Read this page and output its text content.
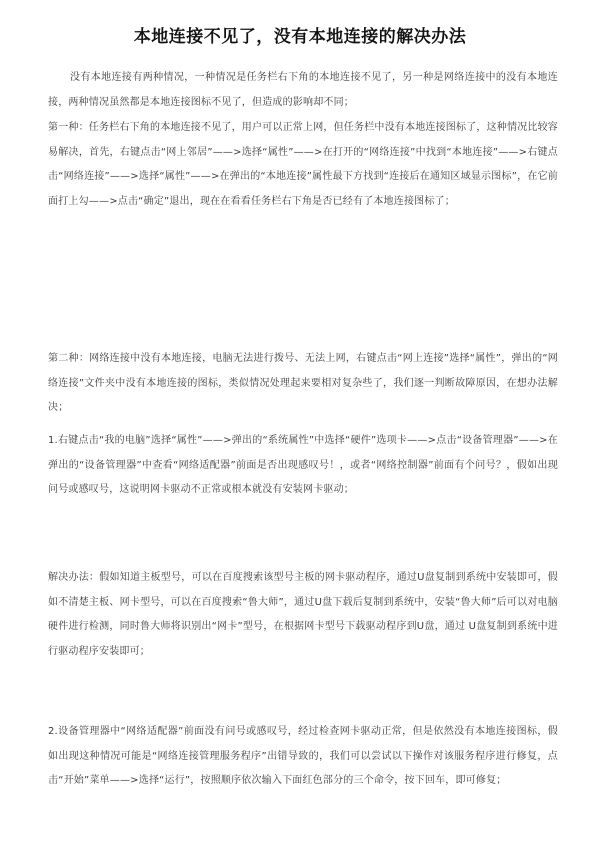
本地连接不见了，没有本地连接的解决办法

没有本地连接有两种情况，一种情况是任务栏右下角的本地连接不见了，另一种是网络连接中的没有本地连接，两种情况虽然都是本地连接图标不见了，但造成的影响却不同；

第一种：任务栏右下角的本地连接不见了，用户可以正常上网，但任务栏中没有本地连接图标了，这种情况比较容易解决，首先，右键点击“网上邻居”——>选择“属性”——>在打开的“网络连接”中找到“本地连接”——>右键点击“网络连接”——>选择“属性”——>在弹出的“本地连接”属性最下方找到“连接后在通知区域显示图标”，在它前面打上勾——>点击“确定”退出，现在在看看任务栏右下角是否已经有了本地连接图标了；

第二种：网络连接中没有本地连接，电脑无法进行拨号、无法上网，右键点击“网上连接”选择“属性”，弹出的“网络连接”文件夹中没有本地连接的图标，类似情况处理起来要相对复杂些了，我们逐一判断故障原因，在想办法解决；

1.右键点击“我的电脑”选择“属性”——>弹出的“系统属性”中选择“硬件”选项卡——>点击“设备管理器”——>在弹出的“设备管理器”中查看“网络适配器”前面是否出现感叹号！，或者“网络控制器”前面有个问号？，假如出现问号或感叹号，这说明网卡驱动不正常或根本就没有安装网卡驱动；

解决办法：假如知道主板型号，可以在百度搜索该型号主板的网卡驱动程序，通过U盘复制到系统中安装即可，假如不清楚主板、网卡型号，可以在百度搜索“鲁大师”，通过U盘下载后复制到系统中，安装“鲁大师”后可以对电脑硬件进行检测，同时鲁大师将识别出“网卡”型号，在根据网卡型号下载驱动程序到U盘，通过 U盘复制到系统中进行驱动程序安装即可；

2.设备管理器中“网络适配器”前面没有问号或感叹号，经过检查网卡驱动正常，但是依然没有本地连接图标，假如出现这种情况可能是“网络连接管理服务程序”出错导致的，我们可以尝试以下操作对该服务程序进行修复，点击“开始”菜单——>选择“运行”，按照顺序依次输入下面红色部分的三个命令，按下回车，即可修复；
